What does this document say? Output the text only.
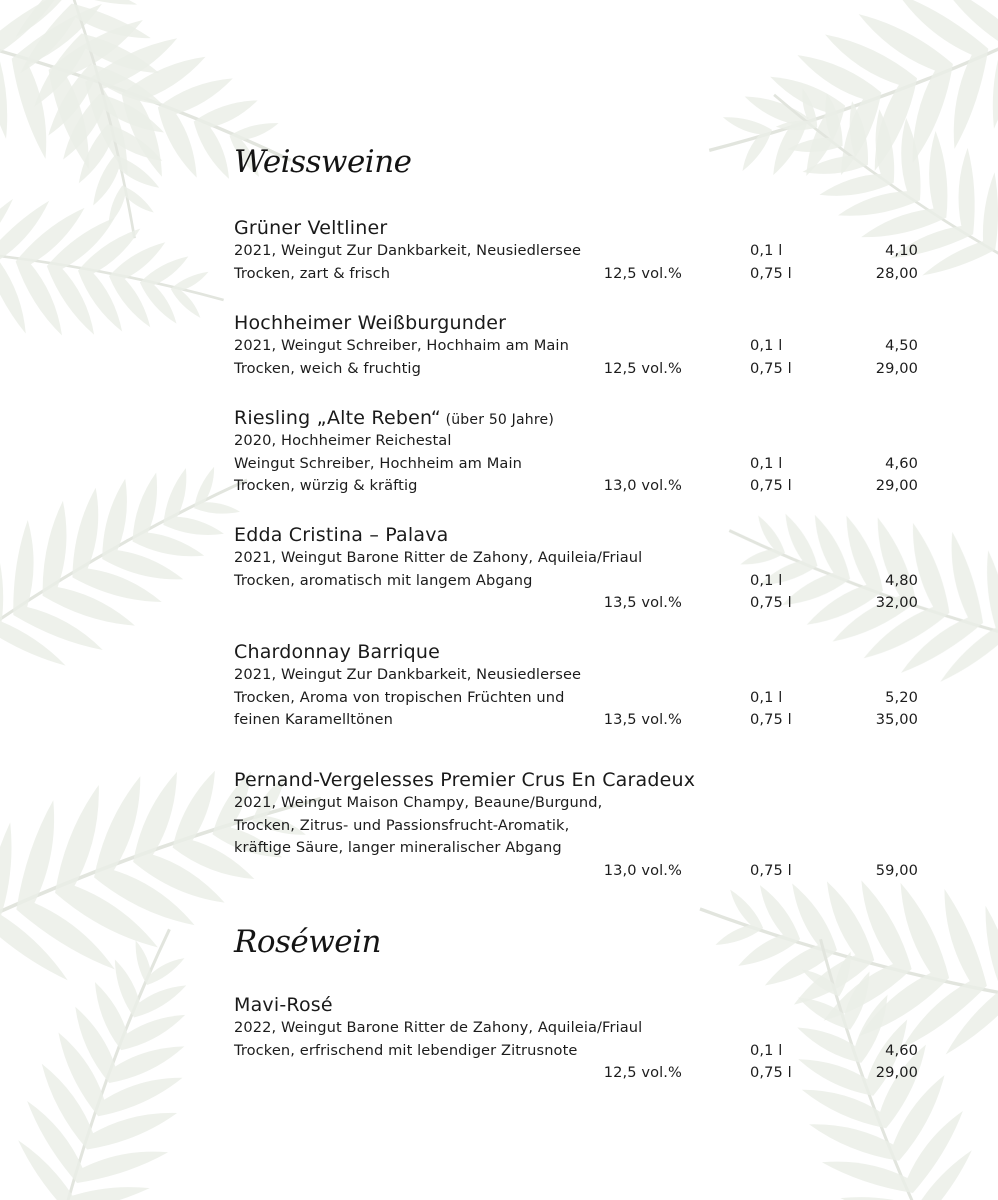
Weissweine
Grüner Veltliner
2021, Weingut Zur Dankbarkeit, Neusiedlersee	0,1 l	4,10
Trocken, zart & frisch	12,5 vol.%	0,75 l	28,00
Hochheimer Weißburgunder
2021, Weingut Schreiber, Hochhaim am Main	0,1 l	4,50
Trocken, weich & fruchtig	12,5 vol.%	0,75 l	29,00
Riesling „Alte Reben“ (über 50 Jahre)
2020, Hochheimer Reichestal
Weingut Schreiber, Hochheim am Main	0,1 l	4,60
Trocken, würzig & kräftig	13,0 vol.%	0,75 l	29,00
Edda Cristina – Palava
2021, Weingut Barone Ritter de Zahony, Aquileia/Friaul
Trocken, aromatisch mit langem Abgang	0,1 l	4,80
13,5 vol.%	0,75 l	32,00
Chardonnay Barrique
2021, Weingut Zur Dankbarkeit, Neusiedlersee
Trocken, Aroma von tropischen Früchten und	0,1 l	5,20
feinen Karamelltönen	13,5 vol.%	0,75 l	35,00
Pernand-Vergelesses Premier Crus En Caradeux
2021, Weingut Maison Champy, Beaune/Burgund,
Trocken, Zitrus- und Passionsfrucht-Aromatik,
kräftige Säure, langer mineralischer Abgang
13,0 vol.%	0,75 l	59,00
Roséwein
Mavi-Rosé
2022, Weingut Barone Ritter de Zahony, Aquileia/Friaul
Trocken, erfrischend mit lebendiger Zitrusnote	0,1 l	4,60
12,5 vol.%	0,75 l	29,00
